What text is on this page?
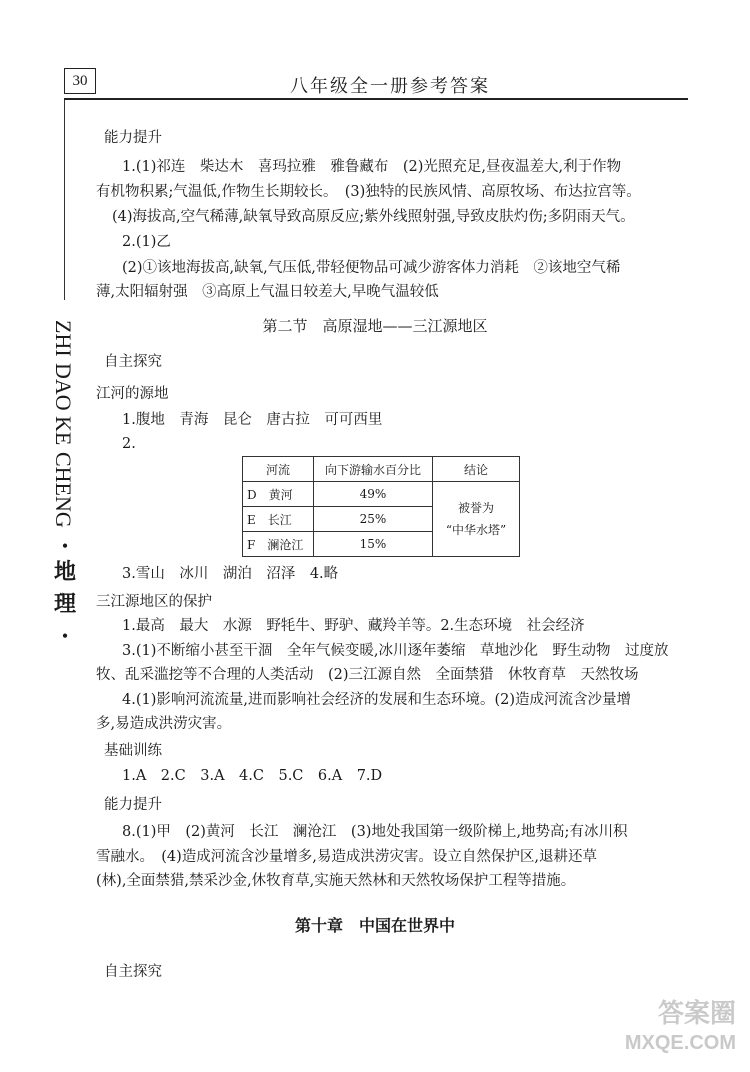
30	八年级全一册参考答案
ZHI
DAO
KE
CHENG
•
地
理
•
能力提升
1.(1)祁连　柴达木　喜玛拉雅　雅鲁藏布　(2)光照充足,昼夜温差大,利于作物
有机物积累;气温低,作物生长期较长。　(3)独特的民族风情、高原牧场、布达拉宫等。
(4)海拔高,空气稀薄,缺氧导致高原反应;紫外线照射强,导致皮肤灼伤;多阴雨天气。
2.(1)乙
(2)①该地海拔高,缺氧,气压低,带轻便物品可减少游客体力消耗　②该地空气稀
薄,太阳辐射强　③高原上气温日较差大,早晚气温较低
第二节　高原湿地——三江源地区
自主探究
江河的源地
1.腹地　青海　昆仑　唐古拉　可可西里
2.
河流	向下游输水百分比	结论
D　黄河	49%	被誉为
“中华水塔”

E　长江	25%	
F　澜沧江	15%	
3.雪山　冰川　湖泊　沼泽　4.略
三江源地区的保护
1.最高　最大　水源　野牦牛、野驴、藏羚羊等。2.生态环境　社会经济
3.(1)不断缩小甚至干涸　全年气候变暖,冰川逐年萎缩　草地沙化　野生动物　过度放
牧、乱采滥挖等不合理的人类活动　(2)三江源自然　全面禁猎　休牧育草　天然牧场
4.(1)影响河流流量,进而影响社会经济的发展和生态环境。(2)造成河流含沙量增
多,易造成洪涝灾害。
基础训练
1.A　2.C　3.A　4.C　5.C　6.A　7.D
能力提升
8.(1)甲　(2)黄河　长江　澜沧江　(3)地处我国第一级阶梯上,地势高;有冰川积
雪融水。　(4)造成河流含沙量增多,易造成洪涝灾害。设立自然保护区,退耕还草
(林),全面禁猎,禁采沙金,休牧育草,实施天然林和天然牧场保护工程等措施。
第十章　中国在世界中
自主探究
答案圈
MXQE.COM
